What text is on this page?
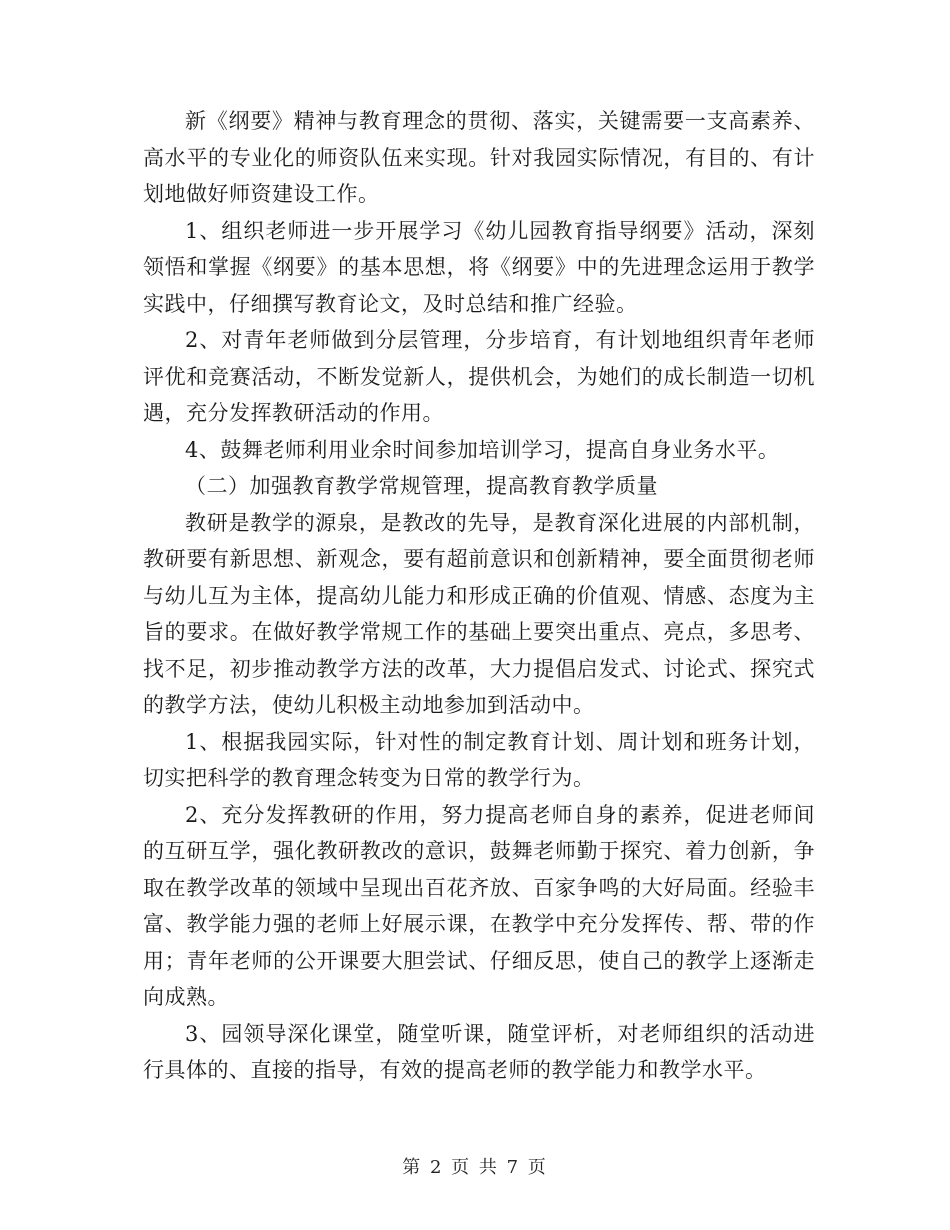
新《纲要》精神与教育理念的贯彻、落实，关键需要一支高素养、高水平的专业化的师资队伍来实现。针对我园实际情况，有目的、有计划地做好师资建设工作。

1、组织老师进一步开展学习《幼儿园教育指导纲要》活动，深刻领悟和掌握《纲要》的基本思想，将《纲要》中的先进理念运用于教学实践中，仔细撰写教育论文，及时总结和推广经验。

2、对青年老师做到分层管理，分步培育，有计划地组织青年老师评优和竞赛活动，不断发觉新人，提供机会，为她们的成长制造一切机遇，充分发挥教研活动的作用。

4、鼓舞老师利用业余时间参加培训学习，提高自身业务水平。

（二）加强教育教学常规管理，提高教育教学质量

教研是教学的源泉，是教改的先导，是教育深化进展的内部机制，教研要有新思想、新观念，要有超前意识和创新精神，要全面贯彻老师与幼儿互为主体，提高幼儿能力和形成正确的价值观、情感、态度为主旨的要求。在做好教学常规工作的基础上要突出重点、亮点，多思考、找不足，初步推动教学方法的改革，大力提倡启发式、讨论式、探究式的教学方法，使幼儿积极主动地参加到活动中。

1、根据我园实际，针对性的制定教育计划、周计划和班务计划，切实把科学的教育理念转变为日常的教学行为。

2、充分发挥教研的作用，努力提高老师自身的素养，促进老师间的互研互学，强化教研教改的意识，鼓舞老师勤于探究、着力创新，争取在教学改革的领域中呈现出百花齐放、百家争鸣的大好局面。经验丰富、教学能力强的老师上好展示课，在教学中充分发挥传、帮、带的作用；青年老师的公开课要大胆尝试、仔细反思，使自己的教学上逐渐走向成熟。

3、园领导深化课堂，随堂听课，随堂评析，对老师组织的活动进行具体的、直接的指导，有效的提高老师的教学能力和教学水平。

第 2 页 共 7 页
